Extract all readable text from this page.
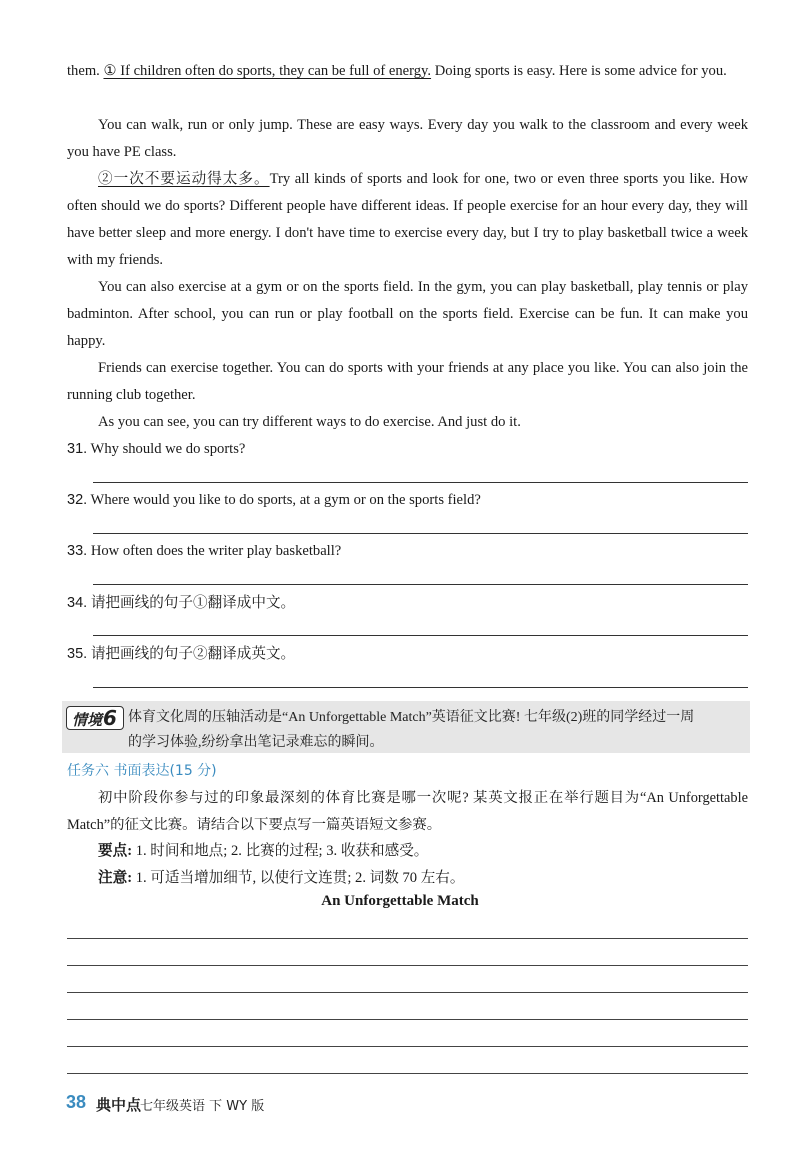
them. ① If children often do sports, they can be full of energy. Doing sports is easy. Here is some advice for you.

You can walk, run or only jump. These are easy ways. Every day you walk to the classroom and every week you have PE class.

②一次不要运动得太多。Try all kinds of sports and look for one, two or even three sports you like. How often should we do sports? Different people have different ideas. If people exercise for an hour every day, they will have better sleep and more energy. I don't have time to exercise every day, but I try to play basketball twice a week with my friends.

You can also exercise at a gym or on the sports field. In the gym, you can play basketball, play tennis or play badminton. After school, you can run or play football on the sports field. Exercise can be fun. It can make you happy.

Friends can exercise together. You can do sports with your friends at any place you like. You can also join the running club together.

As you can see, you can try different ways to do exercise. And just do it.

31. Why should we do sports?
32. Where would you like to do sports, at a gym or on the sports field?
33. How often does the writer play basketball?
34. 请把画线的句子①翻译成中文。
35. 请把画线的句子②翻译成英文。
情境6 体育文化周的压轴活动是“An Unforgettable Match”英语征文比赛! 七年级(2)班的同学经过一周
的学习体验,纷纷拿出笔记录难忘的瞬间。
任务六 书面表达(15 分)

初中阶段你参与过的印象最深刻的体育比赛是哪一次呢? 某英文报正在举行题目为“An Unforgettable Match”的征文比赛。请结合以下要点写一篇英语短文参赛。

要点: 1. 时间和地点; 2. 比赛的过程; 3. 收获和感受。
注意: 1. 可适当增加细节, 以使行文连贯; 2. 词数 70 左右。
An Unforgettable Match
38 典中点
七年级英语 下 WY 版
